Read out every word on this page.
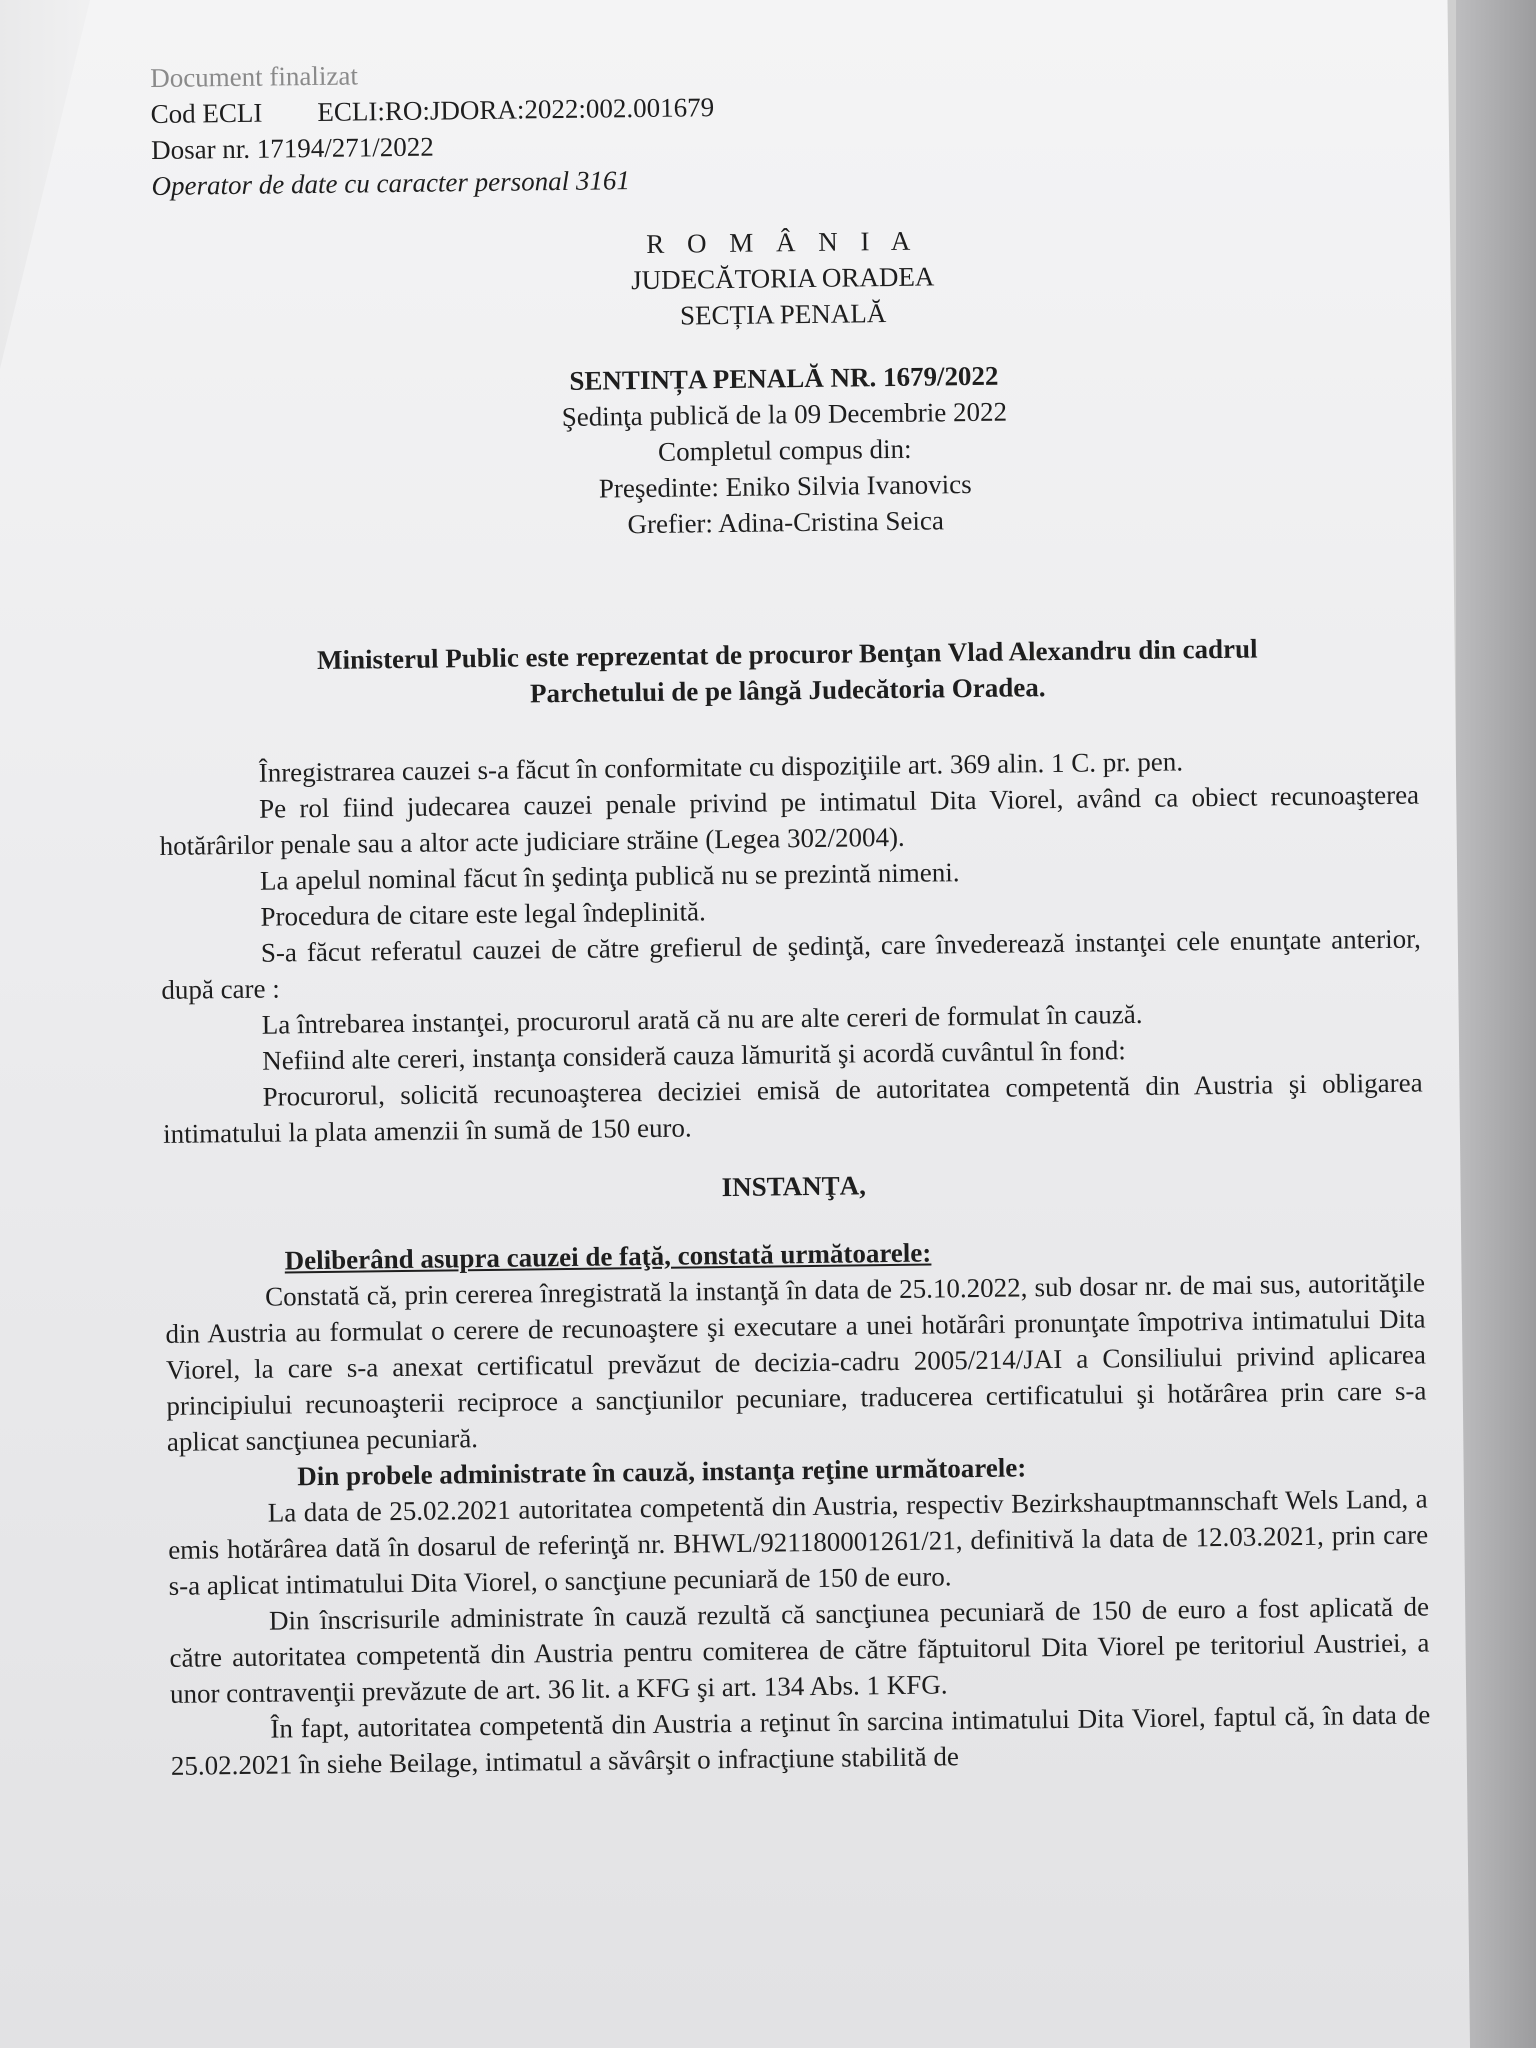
Document finalizat
Cod ECLI ECLI:RO:JDORA:2022:002.001679
Dosar nr. 17194/271/2022
Operator de date cu caracter personal 3161
R O M Â N I A
JUDECĂTORIA ORADEA
SECȚIA PENALĂ
SENTINȚA PENALĂ NR. 1679/2022
Şedinţa publică de la 09 Decembrie 2022
Completul compus din:
Preşedinte: Eniko Silvia Ivanovics
Grefier: Adina-Cristina Seica
Ministerul Public este reprezentat de procuror Benţan Vlad Alexandru din cadrul
Parchetului de pe lângă Judecătoria Oradea.

Înregistrarea cauzei s-a făcut în conformitate cu dispoziţiile art. 369 alin. 1 C. pr. pen.

Pe rol fiind judecarea cauzei penale privind pe intimatul Dita Viorel, având ca obiect recunoaşterea hotărârilor penale sau a altor acte judiciare străine (Legea 302/2004).

La apelul nominal făcut în şedinţa publică nu se prezintă nimeni.

Procedura de citare este legal îndeplinită.

S-a făcut referatul cauzei de către grefierul de şedinţă, care învederează instanţei cele enunţate anterior, după care :

La întrebarea instanţei, procurorul arată că nu are alte cereri de formulat în cauză.

Nefiind alte cereri, instanţa consideră cauza lămurită şi acordă cuvântul în fond:

Procurorul, solicită recunoaşterea deciziei emisă de autoritatea competentă din Austria şi obligarea intimatului la plata amenzii în sumă de 150 euro.

INSTANŢA,
Deliberând asupra cauzei de faţă, constată următoarele:

Constată că, prin cererea înregistrată la instanţă în data de 25.10.2022, sub dosar nr. de mai sus, autorităţile din Austria au formulat o cerere de recunoaştere şi executare a unei hotărâri pronunţate împotriva intimatului Dita Viorel, la care s-a anexat certificatul prevăzut de decizia-cadru 2005/214/JAI a Consiliului privind aplicarea principiului recunoaşterii reciproce a sancţiunilor pecuniare, traducerea certificatului şi hotărârea prin care s-a aplicat sancţiunea pecuniară.

Din probele administrate în cauză, instanţa reţine următoarele:

La data de 25.02.2021 autoritatea competentă din Austria, respectiv Bezirkshauptmannschaft Wels Land, a emis hotărârea dată în dosarul de referinţă nr. BHWL/921180001261/21, definitivă la data de 12.03.2021, prin care s-a aplicat intimatului Dita Viorel, o sancţiune pecuniară de 150 de euro.

Din înscrisurile administrate în cauză rezultă că sancţiunea pecuniară de 150 de euro a fost aplicată de către autoritatea competentă din Austria pentru comiterea de către făptuitorul Dita Viorel pe teritoriul Austriei, a unor contravenţii prevăzute de art. 36 lit. a KFG şi art. 134 Abs. 1 KFG.

În fapt, autoritatea competentă din Austria a reţinut în sarcina intimatului Dita Viorel, faptul că, în data de 25.02.2021 în siehe Beilage, intimatul a săvârşit o infracţiune stabilită de
